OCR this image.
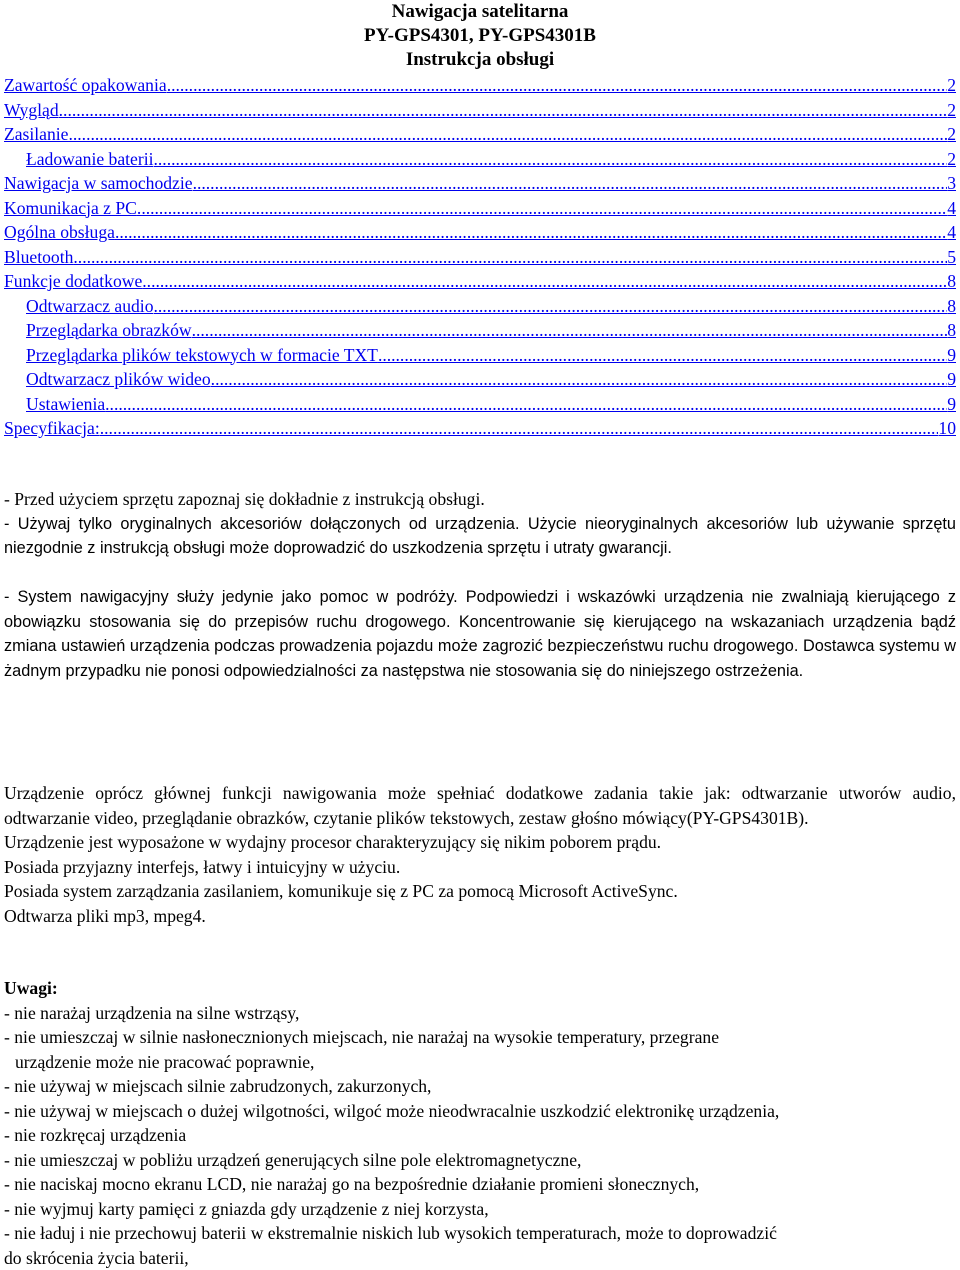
Nawigacja satelitarna
PY-GPS4301, PY-GPS4301B
Instrukcja obsługi
Zawartość opakowania .....	2
Wygląd .....	2
Zasilanie .....	2
Ładowanie baterii .....	2
Nawigacja w samochodzie .....	3
Komunikacja z PC .....	4
Ogólna obsługa .....	4
Bluetooth .....	5
Funkcje dodatkowe .....	8
Odtwarzacz audio .....	8
Przeglądarka obrazków .....	8
Przeglądarka plików tekstowych w formacie TXT .....	9
Odtwarzacz plików wideo .....	9
Ustawienia .....	9
Specyfikacja: .....	10

- Przed użyciem sprzętu zapoznaj się dokładnie z instrukcją obsługi.

- Używaj tylko oryginalnych akcesoriów dołączonych od urządzenia. Użycie nieoryginalnych akcesoriów lub używanie sprzętu niezgodnie z instrukcją obsługi może doprowadzić do uszkodzenia sprzętu i utraty gwarancji.

- System nawigacyjny służy jedynie jako pomoc w podróży. Podpowiedzi i wskazówki urządzenia nie zwalniają kierującego z obowiązku stosowania się do przepisów ruchu drogowego. Koncentrowanie się kierującego na wskazaniach urządzenia bądź zmiana ustawień urządzenia podczas prowadzenia pojazdu może zagrozić bezpieczeństwu ruchu drogowego. Dostawca systemu w żadnym przypadku nie ponosi odpowiedzialności za następstwa nie stosowania się do niniejszego ostrzeżenia.

Urządzenie oprócz głównej funkcji nawigowania może spełniać dodatkowe zadania takie jak: odtwarzanie utworów audio, odtwarzanie video, przeglądanie obrazków, czytanie plików tekstowych, zestaw głośno mówiący(PY-GPS4301B).

Urządzenie jest wyposażone w wydajny procesor charakteryzujący się nikim poborem prądu.

Posiada przyjazny interfejs, łatwy i intuicyjny w użyciu.

Posiada system zarządzania zasilaniem, komunikuje się z PC za pomocą Microsoft ActiveSync.

Odtwarza pliki mp3, mpeg4.

Uwagi:
- nie narażaj urządzenia na silne wstrząsy,
- nie umieszczaj w silnie nasłonecznionych miejscach, nie narażaj na wysokie temperatury, przegrane
urządzenie może nie pracować poprawnie,
- nie używaj w miejscach silnie zabrudzonych, zakurzonych,
- nie używaj w miejscach o dużej wilgotności, wilgoć może nieodwracalnie uszkodzić elektronikę urządzenia,
- nie rozkręcaj urządzenia
- nie umieszczaj w pobliżu urządzeń generujących silne pole elektromagnetyczne,
- nie naciskaj mocno ekranu LCD, nie narażaj go na bezpośrednie działanie promieni słonecznych,
- nie wyjmuj karty pamięci z gniazda gdy urządzenie z niej korzysta,
- nie ładuj i nie przechowuj baterii w ekstremalnie niskich lub wysokich temperaturach, może to doprowadzić
do skrócenia życia baterii,
